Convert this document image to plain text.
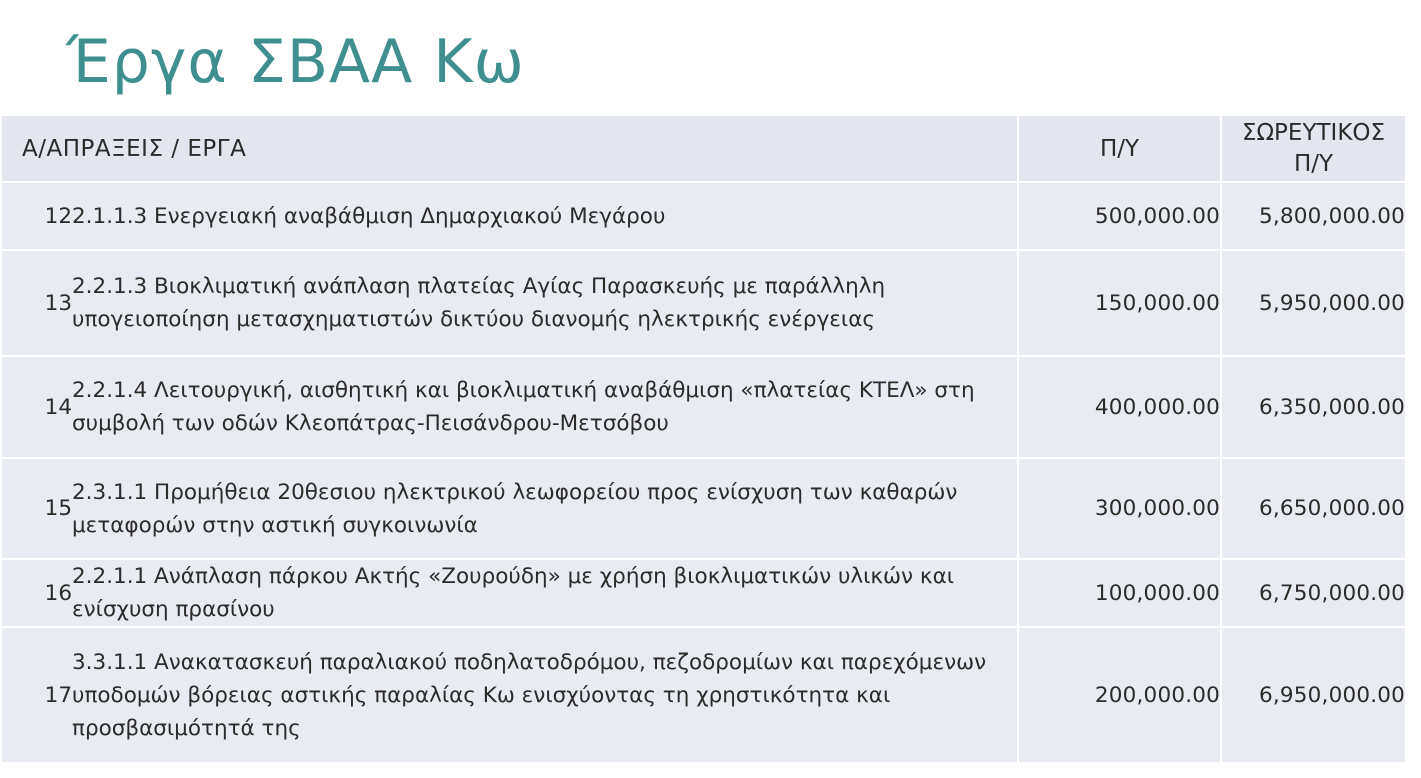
Έργα ΣΒΑΑ Κω
Α/ΑΠΡΑΞΕΙΣ / ΕΡΓΑ	Π/Υ	ΣΩΡΕΥΤΙΚΟΣ
Π/Υ

12 2.1.1.3 Ενεργειακή αναβάθμιση Δημαρχιακού Μεγάρου	500,000.00	5,800,000.00

13
2.2.1.3 Βιοκλιματική ανάπλαση πλατείας Αγίας Παρασκευής με παράλληλη υπογειοποίηση μετασχηματιστών δικτύου διανομής ηλεκτρικής ενέργειας	150,000.00	5,950,000.00

14
2.2.1.4 Λειτουργική, αισθητική και βιοκλιματική αναβάθμιση «πλατείας ΚΤΕΛ» στη συμβολή των οδών Κλεοπάτρας-Πεισάνδρου-Μετσόβου	400,000.00	6,350,000.00

15
2.3.1.1 Προμήθεια 20θεσιου ηλεκτρικού λεωφορείου προς ενίσχυση των καθαρών μεταφορών στην αστική συγκοινωνία	300,000.00	6,650,000.00

16
2.2.1.1 Ανάπλαση πάρκου Ακτής «Ζουρούδη» με χρήση βιοκλιματικών υλικών και ενίσχυση πρασίνου	100,000.00	6,750,000.00

17
3.3.1.1 Ανακατασκευή παραλιακού ποδηλατοδρόμου, πεζοδρομίων και παρεχόμενων υποδομών βόρειας αστικής παραλίας Κω ενισχύοντας τη χρηστικότητα και προσβασιμότητά της	200,000.00	6,950,000.00
